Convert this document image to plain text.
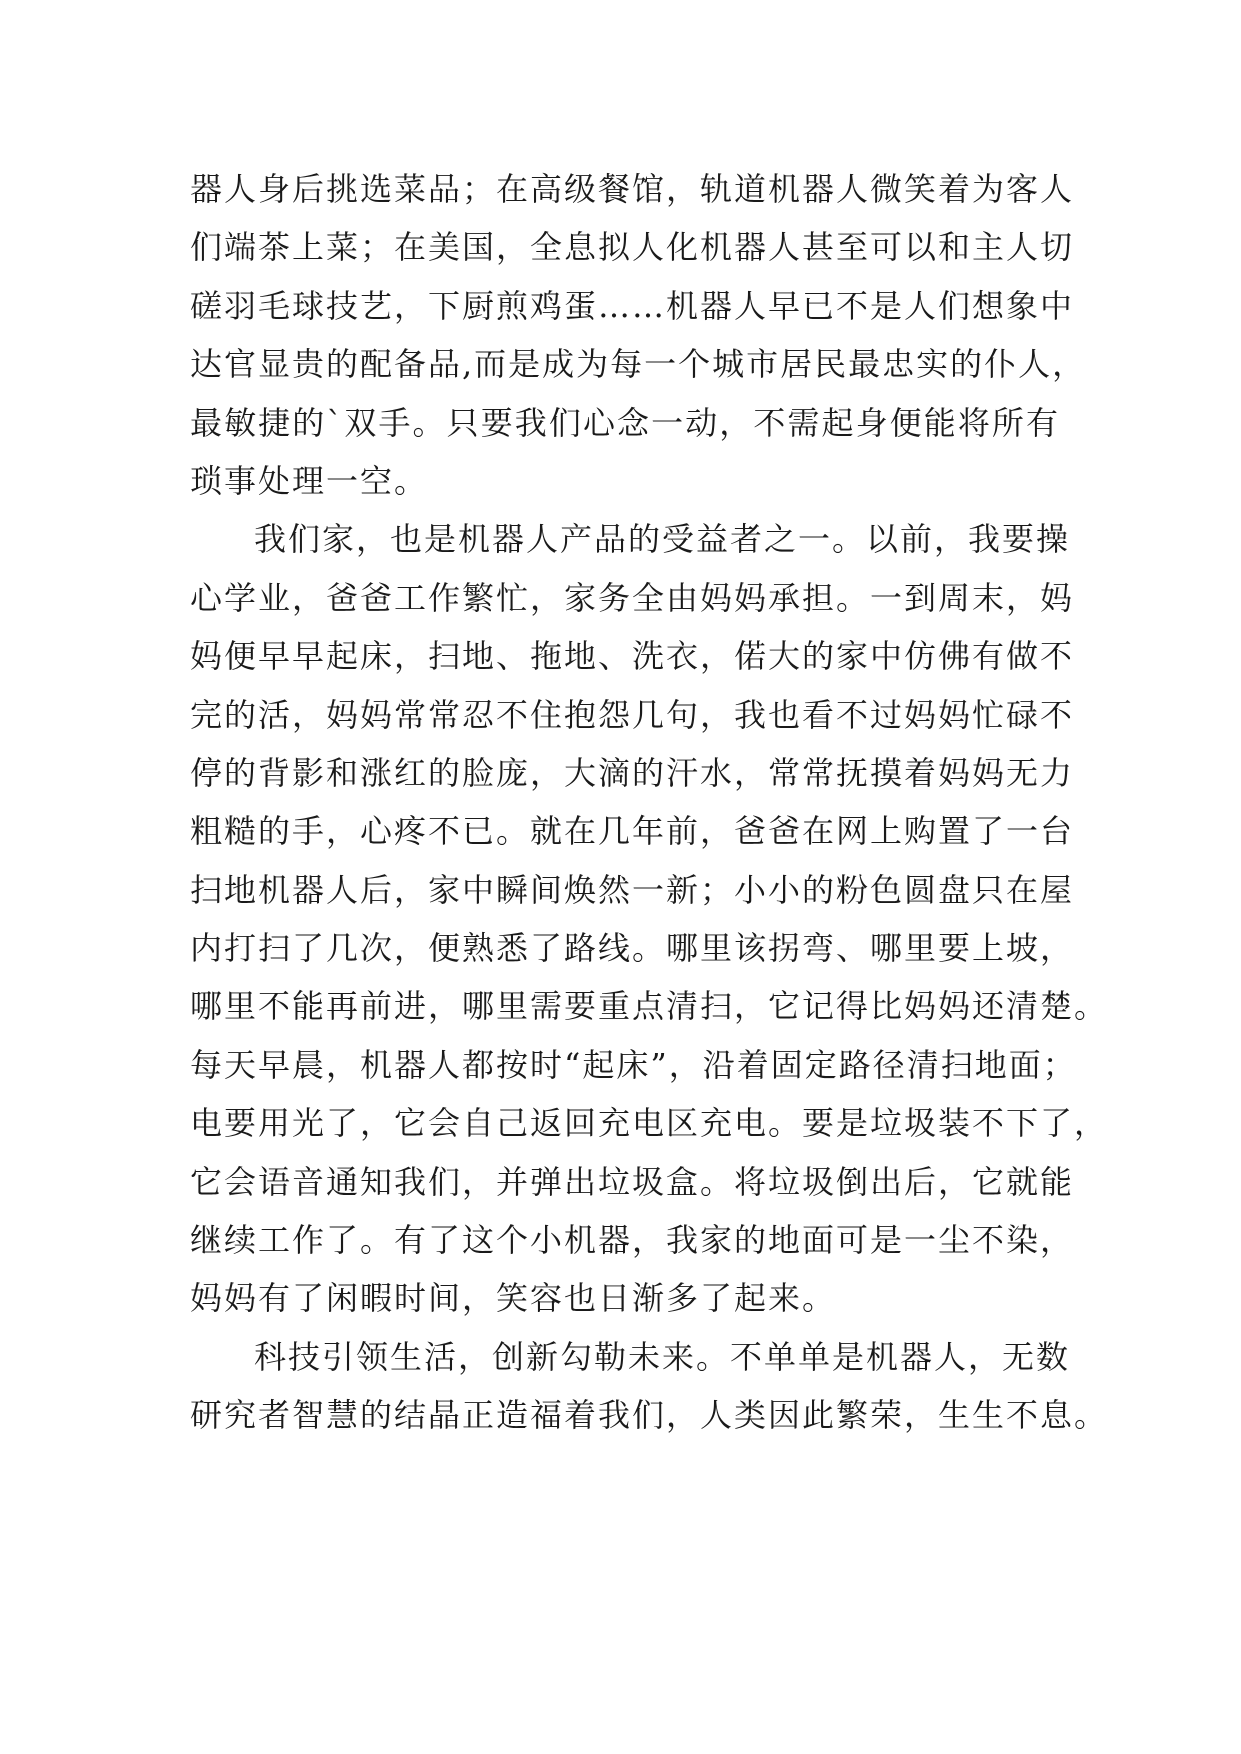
器人身后挑选菜品；在高级餐馆，轨道机器人微笑着为客人
们端茶上菜；在美国，全息拟人化机器人甚至可以和主人切
磋羽毛球技艺，下厨煎鸡蛋……机器人早已不是人们想象中
达官显贵的配备品,而是成为每一个城市居民最忠实的仆人，
最敏捷的`双手。只要我们心念一动，不需起身便能将所有
琐事处理一空。
我们家，也是机器人产品的受益者之一。以前，我要操
心学业，爸爸工作繁忙，家务全由妈妈承担。一到周末，妈
妈便早早起床，扫地、拖地、洗衣，偌大的家中仿佛有做不
完的活，妈妈常常忍不住抱怨几句，我也看不过妈妈忙碌不
停的背影和涨红的脸庞，大滴的汗水，常常抚摸着妈妈无力
粗糙的手，心疼不已。就在几年前，爸爸在网上购置了一台
扫地机器人后，家中瞬间焕然一新；小小的粉色圆盘只在屋
内打扫了几次，便熟悉了路线。哪里该拐弯、哪里要上坡，
哪里不能再前进，哪里需要重点清扫，它记得比妈妈还清楚。
每天早晨，机器人都按时“起床”，沿着固定路径清扫地面；
电要用光了，它会自己返回充电区充电。要是垃圾装不下了，
它会语音通知我们，并弹出垃圾盒。将垃圾倒出后，它就能
继续工作了。有了这个小机器，我家的地面可是一尘不染，
妈妈有了闲暇时间，笑容也日渐多了起来。
科技引领生活，创新勾勒未来。不单单是机器人，无数
研究者智慧的结晶正造福着我们，人类因此繁荣，生生不息。
